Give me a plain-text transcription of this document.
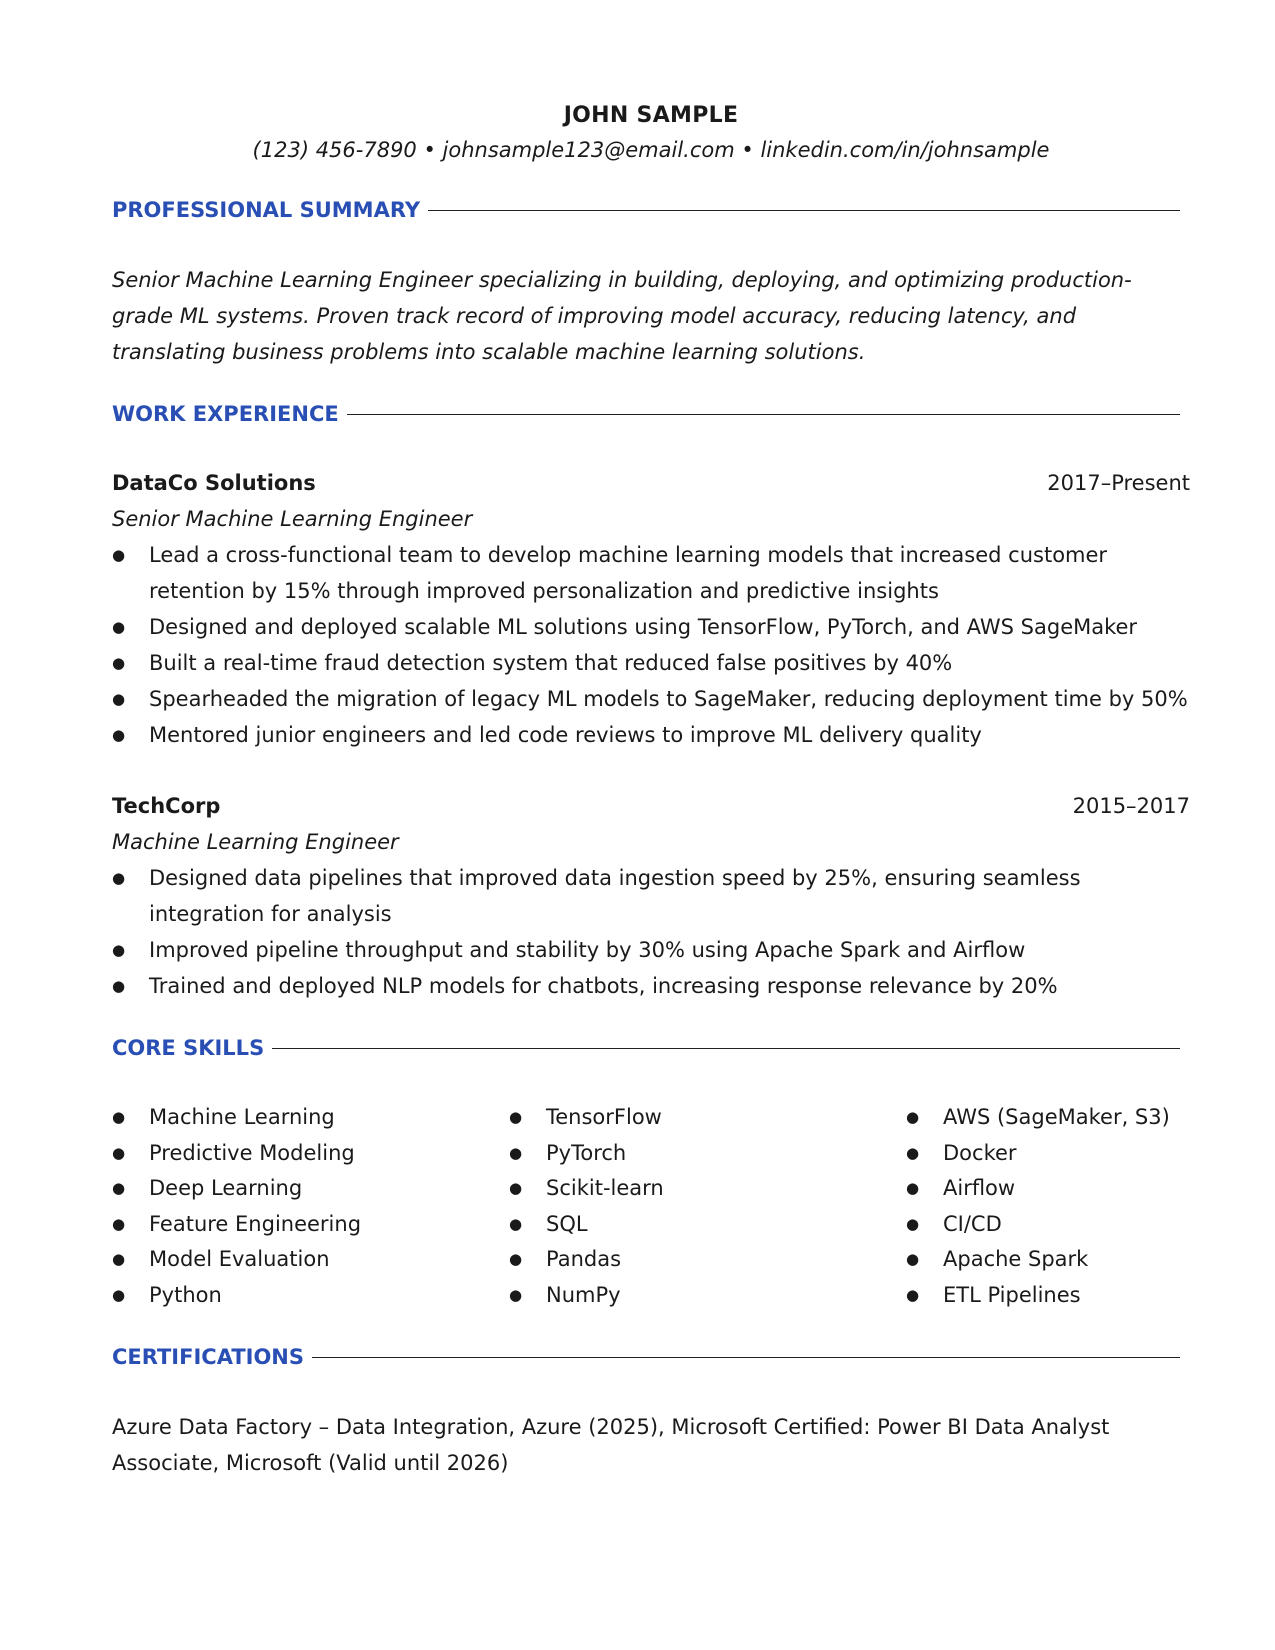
JOHN SAMPLE
(123) 456-7890 • johnsample123@email.com • linkedin.com/in/johnsample
PROFESSIONAL SUMMARY
Senior Machine Learning Engineer specializing in building, deploying, and optimizing production-grade ML systems. Proven track record of improving model accuracy, reducing latency, and translating business problems into scalable machine learning solutions.
WORK EXPERIENCE
DataCo Solutions	2017–Present
Senior Machine Learning Engineer
● Lead a cross-functional team to develop machine learning models that increased customer retention by 15% through improved personalization and predictive insights
● Designed and deployed scalable ML solutions using TensorFlow, PyTorch, and AWS SageMaker
● Built a real-time fraud detection system that reduced false positives by 40%
● Spearheaded the migration of legacy ML models to SageMaker, reducing deployment time by 50%
● Mentored junior engineers and led code reviews to improve ML delivery quality
TechCorp	2015–2017
Machine Learning Engineer
● Designed data pipelines that improved data ingestion speed by 25%, ensuring seamless integration for analysis
● Improved pipeline throughput and stability by 30% using Apache Spark and Airflow
● Trained and deployed NLP models for chatbots, increasing response relevance by 20%
CORE SKILLS
● Machine Learning
● Predictive Modeling
● Deep Learning
● Feature Engineering
● Model Evaluation
● Python
● TensorFlow
● PyTorch
● Scikit-learn
● SQL
● Pandas
● NumPy
● AWS (SageMaker, S3)
● Docker
● Airflow
● CI/CD
● Apache Spark
● ETL Pipelines
CERTIFICATIONS
Azure Data Factory – Data Integration, Azure (2025), Microsoft Certified: Power BI Data Analyst Associate, Microsoft (Valid until 2026)
